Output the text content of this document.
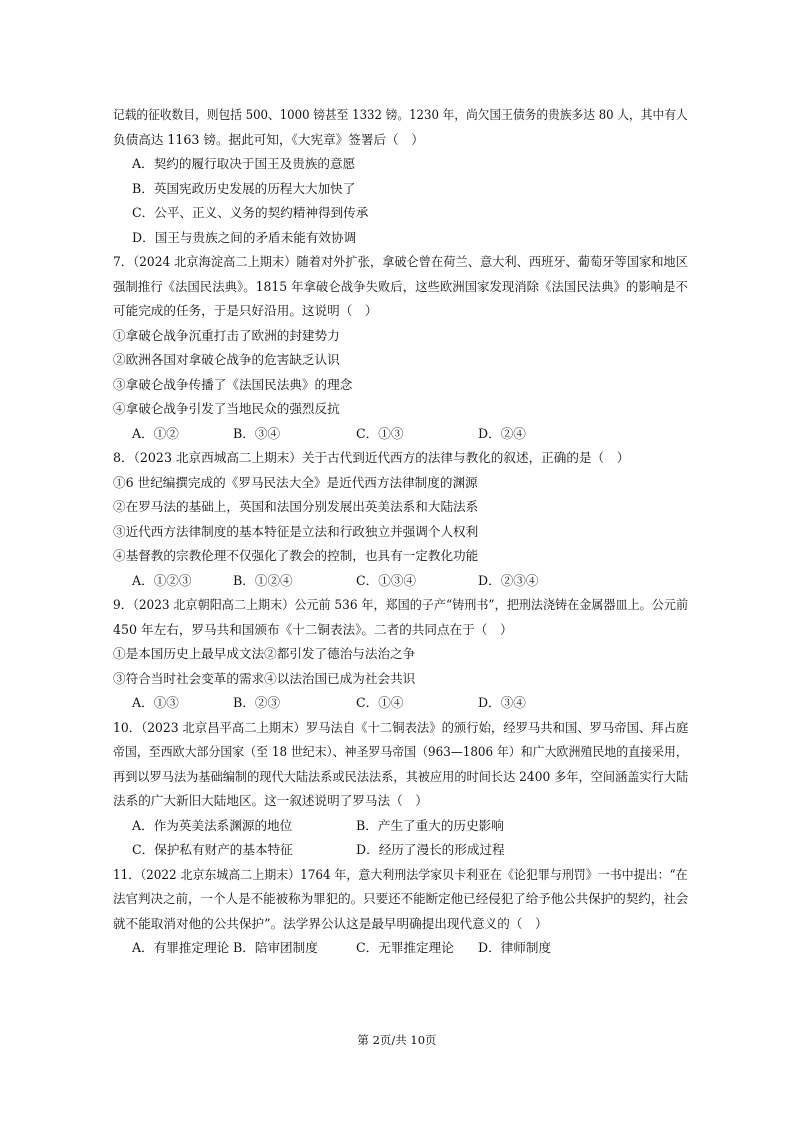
记载的征收数目，则包括 500、1000 镑甚至 1332 镑。1230 年，尚欠国王债务的贵族多达 80 人，其中有人
负债高达 1163 镑。据此可知，《大宪章》签署后（　）
A．契约的履行取决于国王及贵族的意愿
B．英国宪政历史发展的历程大大加快了
C．公平、正义、义务的契约精神得到传承
D．国王与贵族之间的矛盾未能有效协调
7．（2024 北京海淀高二上期末）随着对外扩张，拿破仑曾在荷兰、意大利、西班牙、葡萄牙等国家和地区
强制推行《法国民法典》。1815 年拿破仑战争失败后，这些欧洲国家发现消除《法国民法典》的影响是不
可能完成的任务，于是只好沿用。这说明（　）
①拿破仑战争沉重打击了欧洲的封建势力
②欧洲各国对拿破仑战争的危害缺乏认识
③拿破仑战争传播了《法国民法典》的理念
④拿破仑战争引发了当地民众的强烈反抗
A．①②	B．③④	C．①③	D．②④
8．（2023 北京西城高二上期末）关于古代到近代西方的法律与教化的叙述，正确的是（　）
①6 世纪编撰完成的《罗马民法大全》是近代西方法律制度的渊源
②在罗马法的基础上，英国和法国分别发展出英美法系和大陆法系
③近代西方法律制度的基本特征是立法和行政独立并强调个人权利
④基督教的宗教伦理不仅强化了教会的控制，也具有一定教化功能
A．①②③	B．①②④	C．①③④	D．②③④
9．（2023 北京朝阳高二上期末）公元前 536 年，郑国的子产“铸刑书”，把刑法浇铸在金属器皿上。公元前
450 年左右，罗马共和国颁布《十二铜表法》。二者的共同点在于（　）
①是本国历史上最早成文法②都引发了德治与法治之争
③符合当时社会变革的需求④以法治国已成为社会共识
A．①③	B．②③	C．①④	D．③④
10．（2023 北京昌平高二上期末）罗马法自《十二铜表法》的颁行始，经罗马共和国、罗马帝国、拜占庭
帝国，至西欧大部分国家（至 18 世纪末）、神圣罗马帝国（963—1806 年）和广大欧洲殖民地的直接采用，
再到以罗马法为基础编制的现代大陆法系或民法法系，其被应用的时间长达 2400 多年，空间涵盖实行大陆
法系的广大新旧大陆地区。这一叙述说明了罗马法（　）
A．作为英美法系渊源的地位	B．产生了重大的历史影响
C．保护私有财产的基本特征	D．经历了漫长的形成过程
11．（2022 北京东城高二上期末）1764 年，意大利刑法学家贝卡利亚在《论犯罪与刑罚》一书中提出：“在
法官判决之前，一个人是不能被称为罪犯的。只要还不能断定他已经侵犯了给予他公共保护的契约，社会
就不能取消对他的公共保护”。法学界公认这是最早明确提出现代意义的（　）
A．有罪推定理论 B．陪审团制度	C．无罪推定理论 D．律师制度
第 2页/共 10页
